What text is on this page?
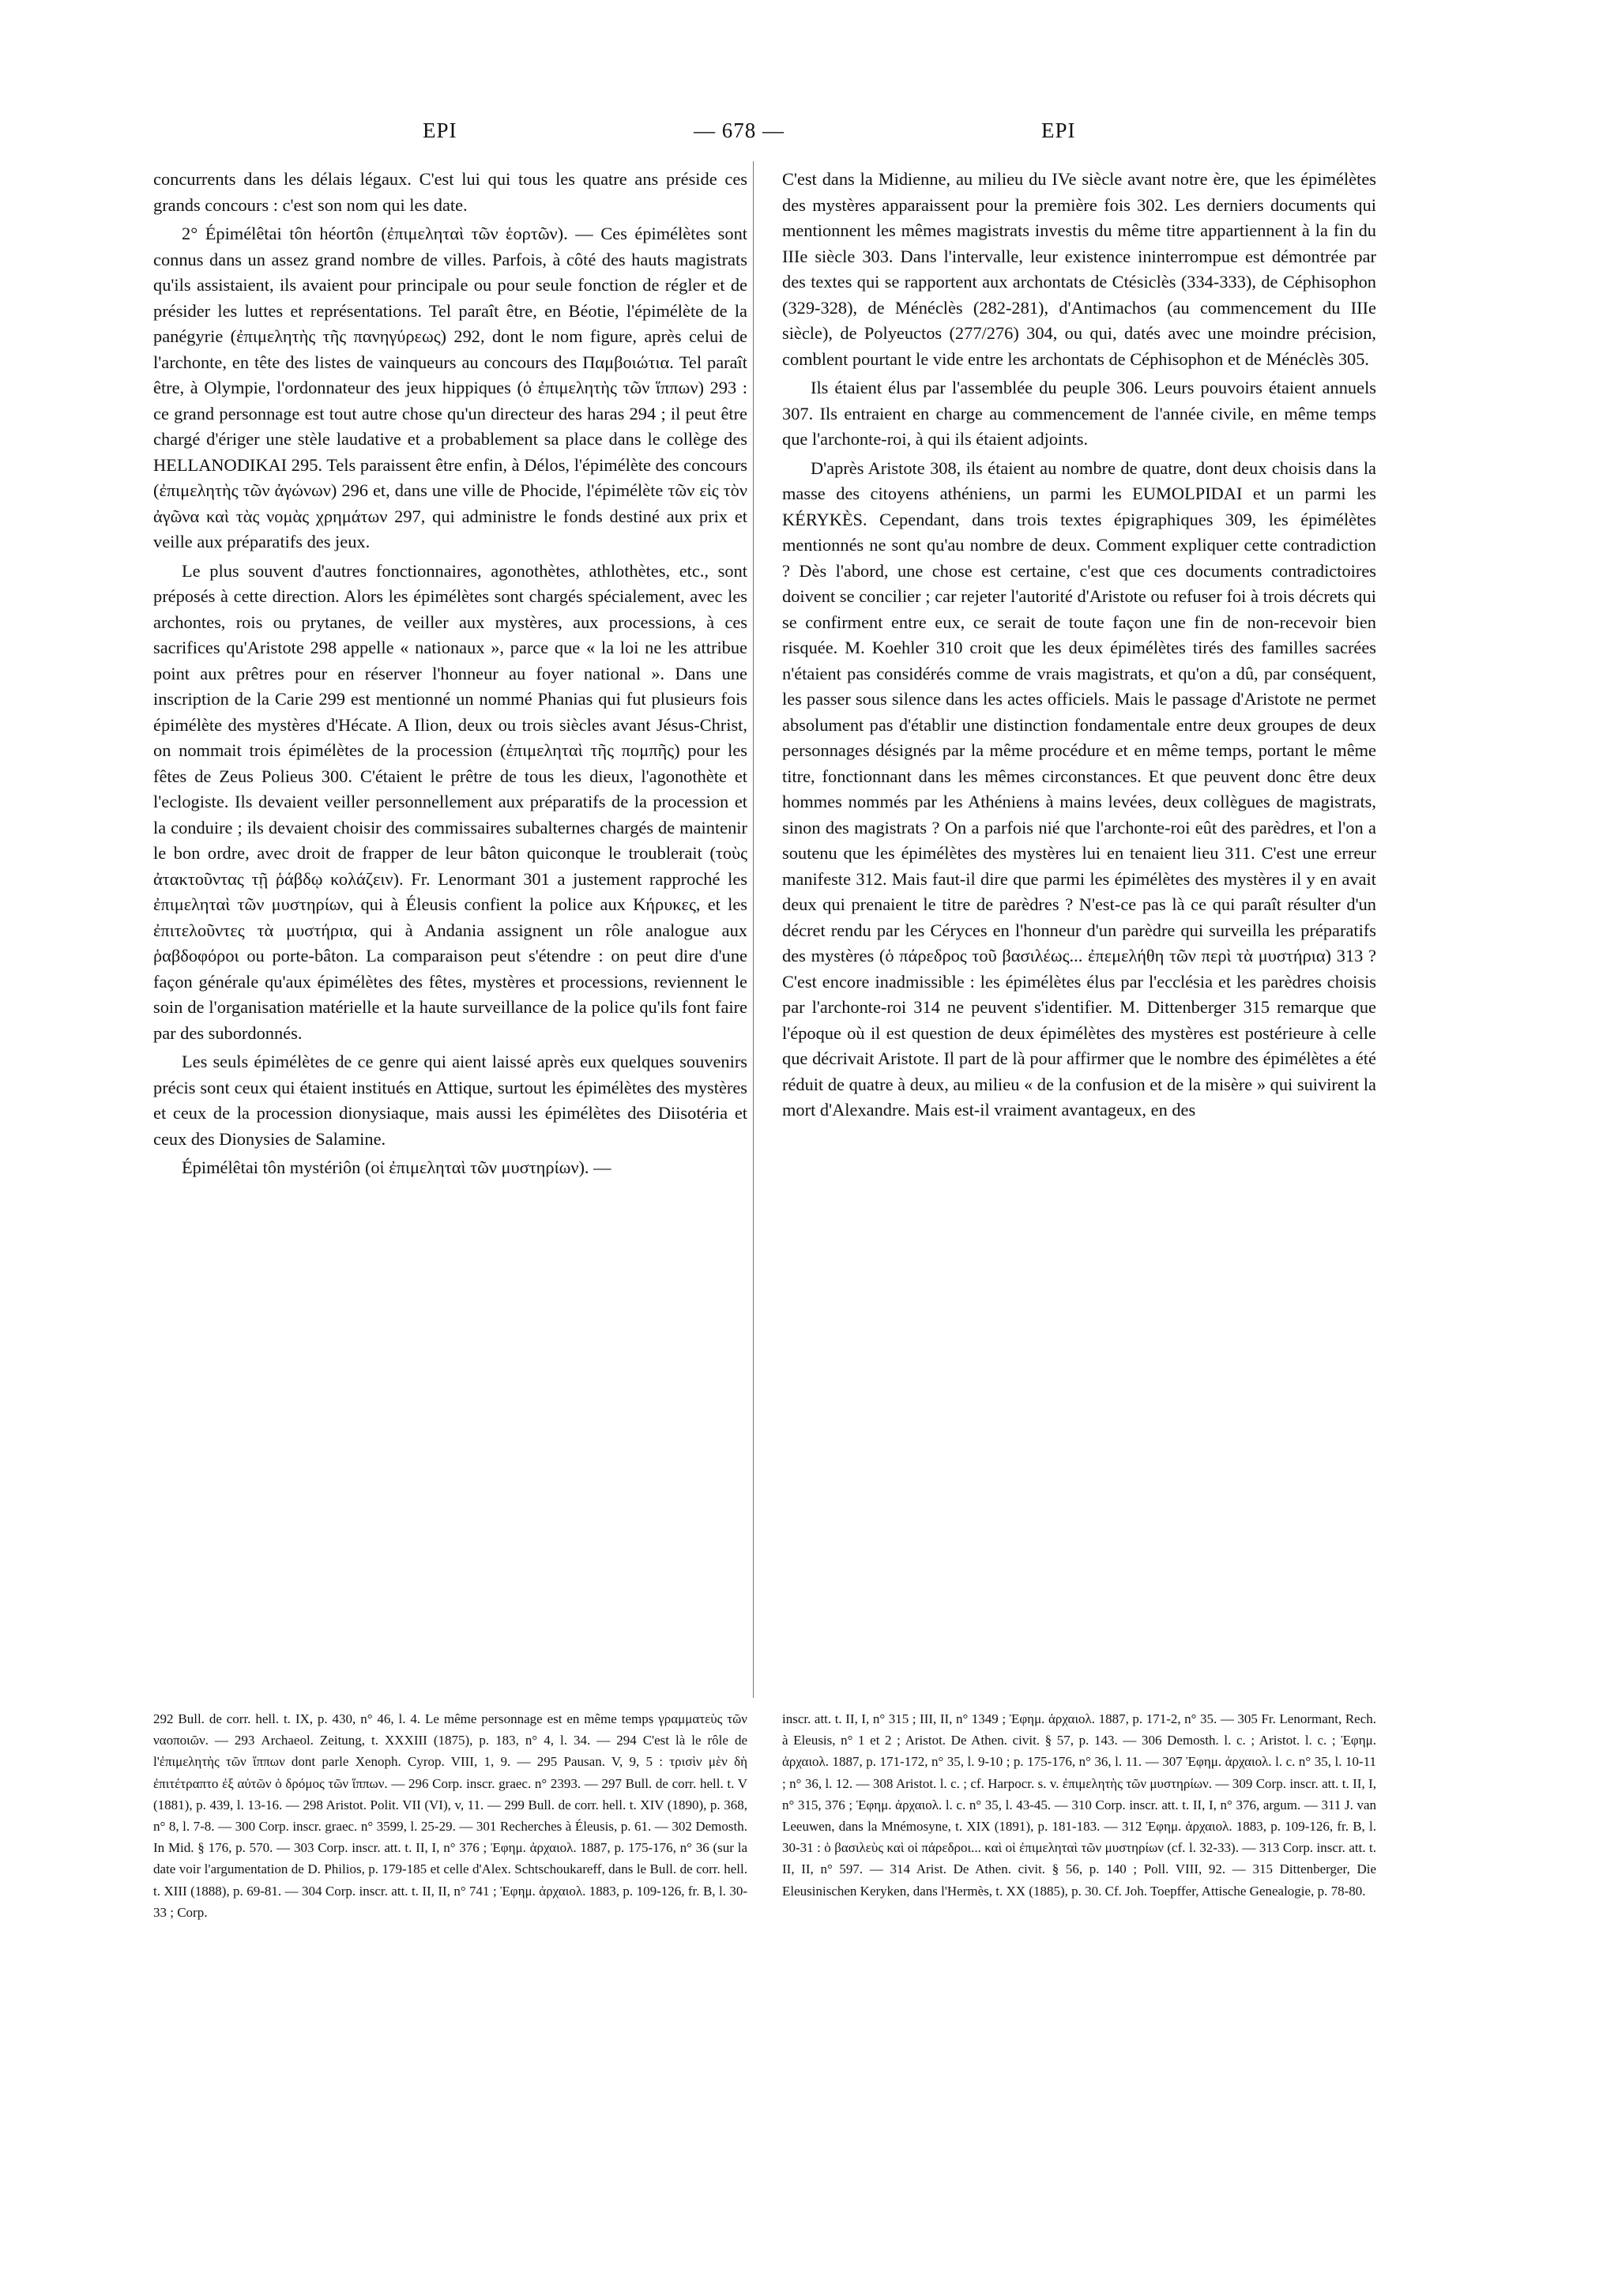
EPI	— 678 —	EPI

concurrents dans les délais légaux. C'est lui qui tous les quatre ans préside ces grands concours : c'est son nom qui les date.

2° Épimélêtai tôn héortôn (ἐπιμεληταὶ τῶν ἑορτῶν). — Ces épimélètes sont connus dans un assez grand nombre de villes. Parfois, à côté des hauts magistrats qu'ils assistaient, ils avaient pour principale ou pour seule fonction de régler et de présider les luttes et représentations. Tel paraît être, en Béotie, l'épimélète de la panégyrie (ἐπιμελητὴς τῆς πανηγύρεως) 292, dont le nom figure, après celui de l'archonte, en tête des listes de vainqueurs au concours des Παμβοιώτια. Tel paraît être, à Olympie, l'ordonnateur des jeux hippiques (ὁ ἐπιμελητὴς τῶν ἵππων) 293 : ce grand personnage est tout autre chose qu'un directeur des haras 294 ; il peut être chargé d'ériger une stèle laudative et a probablement sa place dans le collège des HELLANODIKAI 295. Tels paraissent être enfin, à Délos, l'épimélète des concours (ἐπιμελητὴς τῶν ἀγώνων) 296 et, dans une ville de Phocide, l'épimélète τῶν εἰς τὸν ἀγῶνα καὶ τὰς νομὰς χρημάτων 297, qui administre le fonds destiné aux prix et veille aux préparatifs des jeux.

Le plus souvent d'autres fonctionnaires, agonothètes, athlothètes, etc., sont préposés à cette direction. Alors les épimélètes sont chargés spécialement, avec les archontes, rois ou prytanes, de veiller aux mystères, aux processions, à ces sacrifices qu'Aristote 298 appelle « nationaux », parce que « la loi ne les attribue point aux prêtres pour en réserver l'honneur au foyer national ». Dans une inscription de la Carie 299 est mentionné un nommé Phanias qui fut plusieurs fois épimélète des mystères d'Hécate. A Ilion, deux ou trois siècles avant Jésus-Christ, on nommait trois épimélètes de la procession (ἐπιμεληταὶ τῆς πομπῆς) pour les fêtes de Zeus Polieus 300. C'étaient le prêtre de tous les dieux, l'agonothète et l'eclogiste. Ils devaient veiller personnellement aux préparatifs de la procession et la conduire ; ils devaient choisir des commissaires subalternes chargés de maintenir le bon ordre, avec droit de frapper de leur bâton quiconque le troublerait (τοὺς ἀτακτοῦντας τῇ ῥάβδῳ κολάζειν). Fr. Lenormant 301 a justement rapproché les ἐπιμεληταὶ τῶν μυστηρίων, qui à Éleusis confient la police aux Κήρυκες, et les ἐπιτελοῦντες τὰ μυστήρια, qui à Andania assignent un rôle analogue aux ῥαβδοφόροι ou porte-bâton. La comparaison peut s'étendre : on peut dire d'une façon générale qu'aux épimélètes des fêtes, mystères et processions, reviennent le soin de l'organisation matérielle et la haute surveillance de la police qu'ils font faire par des subordonnés.

Les seuls épimélètes de ce genre qui aient laissé après eux quelques souvenirs précis sont ceux qui étaient institués en Attique, surtout les épimélètes des mystères et ceux de la procession dionysiaque, mais aussi les épimélètes des Diisotéria et ceux des Dionysies de Salamine.

Épimélêtai tôn mystériôn (οἱ ἐπιμεληταὶ τῶν μυστηρίων). —

C'est dans la Midienne, au milieu du IVe siècle avant notre ère, que les épimélètes des mystères apparaissent pour la première fois 302. Les derniers documents qui mentionnent les mêmes magistrats investis du même titre appartiennent à la fin du IIIe siècle 303. Dans l'intervalle, leur existence ininterrompue est démontrée par des textes qui se rapportent aux archontats de Ctésiclès (334-333), de Céphisophon (329-328), de Ménéclès (282-281), d'Antimachos (au commencement du IIIe siècle), de Polyeuctos (277/276) 304, ou qui, datés avec une moindre précision, comblent pourtant le vide entre les archontats de Céphisophon et de Ménéclès 305.

Ils étaient élus par l'assemblée du peuple 306. Leurs pouvoirs étaient annuels 307. Ils entraient en charge au commencement de l'année civile, en même temps que l'archonte-roi, à qui ils étaient adjoints.

D'après Aristote 308, ils étaient au nombre de quatre, dont deux choisis dans la masse des citoyens athéniens, un parmi les EUMOLPIDAI et un parmi les KÉRYKÈS. Cependant, dans trois textes épigraphiques 309, les épimélètes mentionnés ne sont qu'au nombre de deux. Comment expliquer cette contradiction ? Dès l'abord, une chose est certaine, c'est que ces documents contradictoires doivent se concilier ; car rejeter l'autorité d'Aristote ou refuser foi à trois décrets qui se confirment entre eux, ce serait de toute façon une fin de non-recevoir bien risquée. M. Koehler 310 croit que les deux épimélètes tirés des familles sacrées n'étaient pas considérés comme de vrais magistrats, et qu'on a dû, par conséquent, les passer sous silence dans les actes officiels. Mais le passage d'Aristote ne permet absolument pas d'établir une distinction fondamentale entre deux groupes de deux personnages désignés par la même procédure et en même temps, portant le même titre, fonctionnant dans les mêmes circonstances. Et que peuvent donc être deux hommes nommés par les Athéniens à mains levées, deux collègues de magistrats, sinon des magistrats ? On a parfois nié que l'archonte-roi eût des parèdres, et l'on a soutenu que les épimélètes des mystères lui en tenaient lieu 311. C'est une erreur manifeste 312. Mais faut-il dire que parmi les épimélètes des mystères il y en avait deux qui prenaient le titre de parèdres ? N'est-ce pas là ce qui paraît résulter d'un décret rendu par les Céryces en l'honneur d'un parèdre qui surveilla les préparatifs des mystères (ὁ πάρεδρος τοῦ βασιλέως... ἐπεμελήθη τῶν περὶ τὰ μυστήρια) 313 ? C'est encore inadmissible : les épimélètes élus par l'ecclésia et les parèdres choisis par l'archonte-roi 314 ne peuvent s'identifier. M. Dittenberger 315 remarque que l'époque où il est question de deux épimélètes des mystères est postérieure à celle que décrivait Aristote. Il part de là pour affirmer que le nombre des épimélètes a été réduit de quatre à deux, au milieu « de la confusion et de la misère » qui suivirent la mort d'Alexandre. Mais est-il vraiment avantageux, en des

292 Bull. de corr. hell. t. IX, p. 430, n° 46, l. 4. Le même personnage est en même temps γραμματεὺς τῶν ναοποιῶν. — 293 Archaeol. Zeitung, t. XXXIII (1875), p. 183, n° 4, l. 34. — 294 C'est là le rôle de l'ἐπιμελητὴς τῶν ἵππων dont parle Xenoph. Cyrop. VIII, 1, 9. — 295 Pausan. V, 9, 5 : τρισὶν μὲν δὴ ἐπιτέτραπτο ἐξ αὐτῶν ὁ δρόμος τῶν ἵππων. — 296 Corp. inscr. graec. n° 2393. — 297 Bull. de corr. hell. t. V (1881), p. 439, l. 13-16. — 298 Aristot. Polit. VII (VI), v, 11. — 299 Bull. de corr. hell. t. XIV (1890), p. 368, n° 8, l. 7-8. — 300 Corp. inscr. graec. n° 3599, l. 25-29. — 301 Recherches à Éleusis, p. 61. — 302 Demosth. In Mid. § 176, p. 570. — 303 Corp. inscr. att. t. II, I, n° 376 ; Ἐφημ. ἀρχαιολ. 1887, p. 175-176, n° 36 (sur la date voir l'argumentation de D. Philios, p. 179-185 et celle d'Alex. Schtschoukareff, dans le Bull. de corr. hell. t. XIII (1888), p. 69-81. — 304 Corp. inscr. att. t. II, II, n° 741 ; Ἐφημ. ἀρχαιολ. 1883, p. 109-126, fr. B, l. 30-33 ; Corp.

inscr. att. t. II, I, n° 315 ; III, II, n° 1349 ; Ἐφημ. ἀρχαιολ. 1887, p. 171-2, n° 35. — 305 Fr. Lenormant, Rech. à Eleusis, n° 1 et 2 ; Aristot. De Athen. civit. § 57, p. 143. — 306 Demosth. l. c. ; Aristot. l. c. ; Ἐφημ. ἀρχαιολ. 1887, p. 171-172, n° 35, l. 9-10 ; p. 175-176, n° 36, l. 11. — 307 Ἐφημ. ἀρχαιολ. l. c. n° 35, l. 10-11 ; n° 36, l. 12. — 308 Aristot. l. c. ; cf. Harpocr. s. v. ἐπιμελητὴς τῶν μυστηρίων. — 309 Corp. inscr. att. t. II, I, n° 315, 376 ; Ἐφημ. ἀρχαιολ. l. c. n° 35, l. 43-45. — 310 Corp. inscr. att. t. II, I, n° 376, argum. — 311 J. van Leeuwen, dans la Mnémosyne, t. XIX (1891), p. 181-183. — 312 Ἐφημ. ἀρχαιολ. 1883, p. 109-126, fr. B, l. 30-31 : ὁ βασιλεὺς καὶ οἱ πάρεδροι... καὶ οἱ ἐπιμεληταὶ τῶν μυστηρίων (cf. l. 32-33). — 313 Corp. inscr. att. t. II, II, n° 597. — 314 Arist. De Athen. civit. § 56, p. 140 ; Poll. VIII, 92. — 315 Dittenberger, Die Eleusinischen Keryken, dans l'Hermès, t. XX (1885), p. 30. Cf. Joh. Toepffer, Attische Genealogie, p. 78-80.
